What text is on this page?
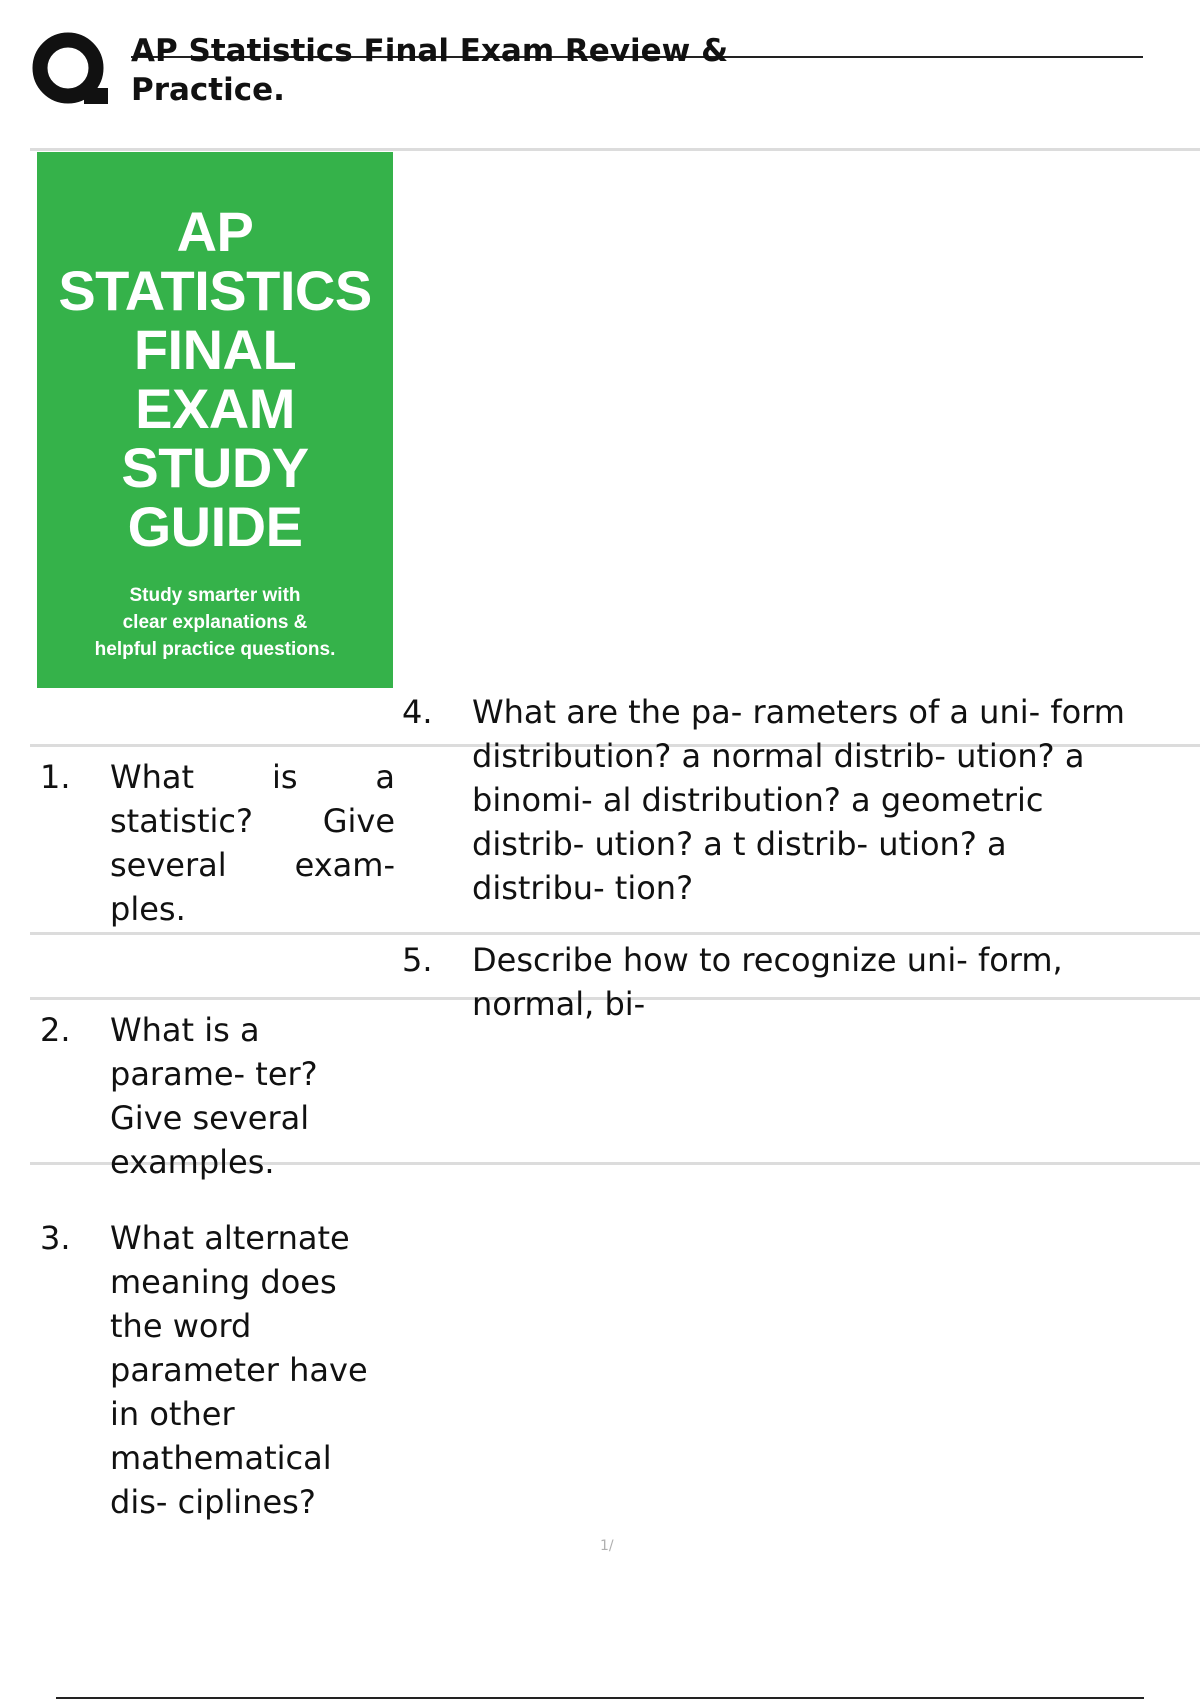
AP Statistics Final Exam Review & Practice.
AP
STATISTICS
FINAL
EXAM
STUDY
GUIDE
Study smarter with
clear explanations &
helpful practice questions.
4. What are the pa- rameters of a uni- form distribution? a normal distrib- ution? a binomi- al distribution? a geometric distrib- ution? a t distrib- ution? a distribu- tion?
5. Describe how to recognize uni- form, normal, bi-
1. What is a statistic? Give several exam- ples.
2. What is a parame- ter? Give several examples.
3. What alternate meaning does the word parameter have in other mathematical dis- ciplines?
1/
